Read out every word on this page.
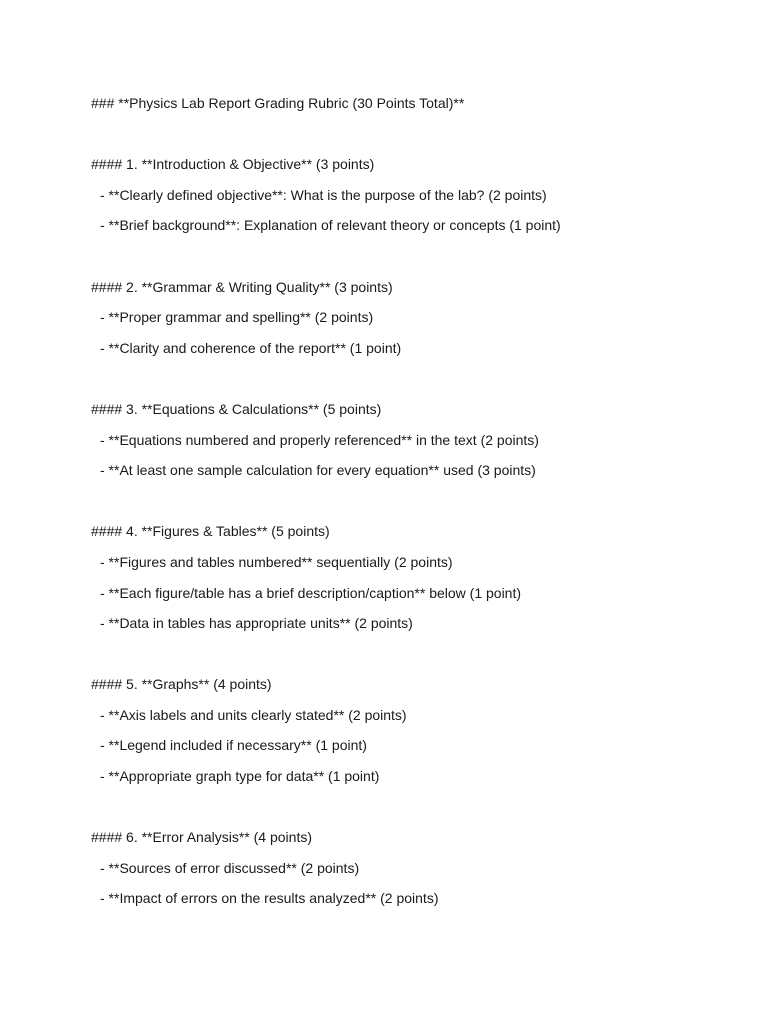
### **Physics Lab Report Grading Rubric (30 Points Total)**
#### 1. **Introduction & Objective** (3 points)
- **Clearly defined objective**: What is the purpose of the lab? (2 points)
- **Brief background**: Explanation of relevant theory or concepts (1 point)
#### 2. **Grammar & Writing Quality** (3 points)
- **Proper grammar and spelling** (2 points)
- **Clarity and coherence of the report** (1 point)
#### 3. **Equations & Calculations** (5 points)
- **Equations numbered and properly referenced** in the text (2 points)
- **At least one sample calculation for every equation** used (3 points)
#### 4. **Figures & Tables** (5 points)
- **Figures and tables numbered** sequentially (2 points)
- **Each figure/table has a brief description/caption** below (1 point)
- **Data in tables has appropriate units** (2 points)
#### 5. **Graphs** (4 points)
- **Axis labels and units clearly stated** (2 points)
- **Legend included if necessary** (1 point)
- **Appropriate graph type for data** (1 point)
#### 6. **Error Analysis** (4 points)
- **Sources of error discussed** (2 points)
- **Impact of errors on the results analyzed** (2 points)
